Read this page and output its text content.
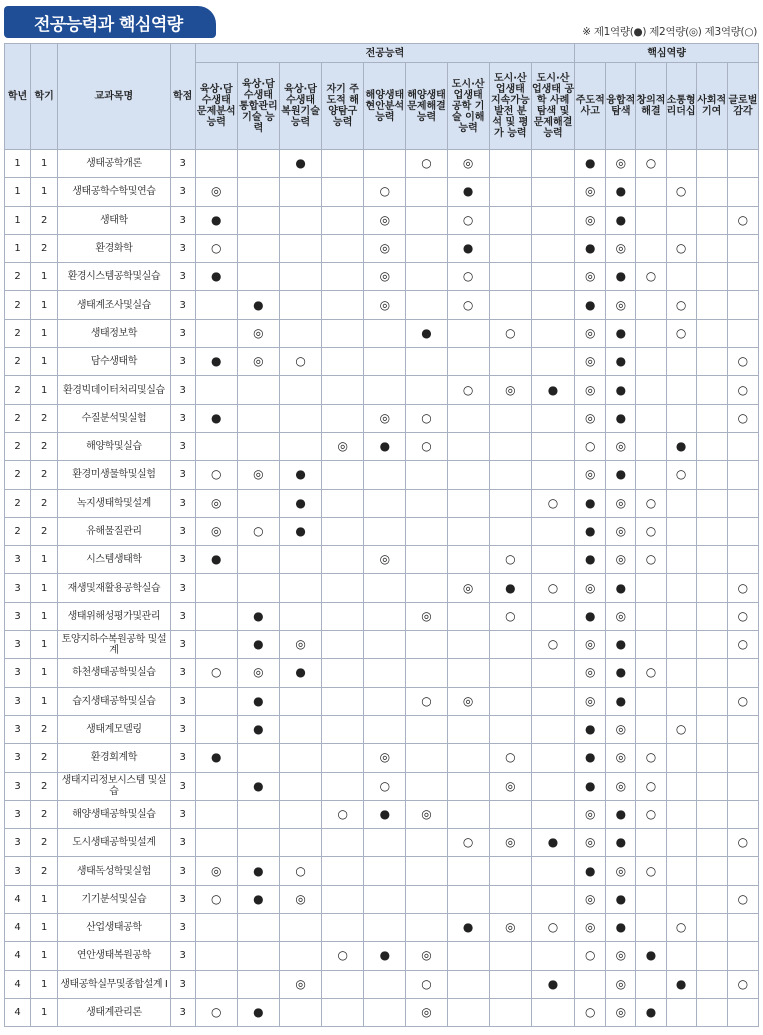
전공능력과 핵심역량	※ 제1역량(●) 제2역량(◎) 제3역량(○)
학년	학기	교과목명	학점	전공능력									핵심역량					
				육상·담수생태 문제분석 능력	육상·담수생태 통합관리 기술 능력	육상·담수생태 복원기술 능력	자기 주도적 해양탐구 능력	해양생태 현안분석 능력	해양생태 문제해결 능력	도시·산업생태 공학 기술 이해 능력	도시·산업생태 지속가능 발전 분석 및 평가 능력	도시·산업생태 공학 사례 탐색 및 문제해결 능력	주도적 사고	융합적 탐색	창의적 해결	소통형 리더십	사회적 기여	글로벌 감각
1	1	생태공학개론	3			●			○	◎			●	◎	○			
1	1	생태공학수학및연습	3	◎				○		●			◎	●		○		
1	2	생태학	3	●				◎		○			◎	●				○
1	2	환경화학	3	○				◎		●			●	◎		○		
2	1	환경시스템공학및실습	3	●				◎		○			◎	●	○			
2	1	생태계조사및실습	3		●			◎		○			●	◎		○		
2	1	생태정보학	3		◎				●		○		◎	●		○		
2	1	담수생태학	3	●	◎	○							◎	●				○
2	1	환경빅데이터처리및실습	3							○	◎	●	◎	●				○
2	2	수질분석및실험	3	●				◎	○				◎	●				○
2	2	해양학및실습	3				◎	●	○				○	◎		●		
2	2	환경미생물학및실험	3	○	◎	●							◎	●		○		
2	2	녹지생태학및설계	3	◎		●						○	●	◎	○			
2	2	유해물질관리	3	◎	○	●							●	◎	○			
3	1	시스템생태학	3	●				◎			○		●	◎	○			
3	1	재생및재활용공학실습	3							◎	●	○	◎	●				○
3	1	생태위해성평가및관리	3		●				◎		○		●	◎				○
3	1	토양지하수복원공학 및설계	3		●	◎						○	◎	●				○
3	1	하천생태공학및실습	3	○	◎	●							◎	●	○			
3	1	습지생태공학및실습	3		●				○	◎			◎	●				○
3	2	생태계모델링	3		●								●	◎		○		
3	2	환경회계학	3	●				◎			○		●	◎	○			
3	2	생태지리정보시스템 및실습	3		●			○			◎		●	◎	○			
3	2	해양생태공학및실습	3				○	●	◎				◎	●	○			
3	2	도시생태공학및설계	3							○	◎	●	◎	●				○
3	2	생태독성학및실험	3	◎	●	○							●	◎	○			
4	1	기기분석및실습	3	○	●	◎							◎	●				○
4	1	산업생태공학	3							●	◎	○	◎	●		○		
4	1	연안생태복원공학	3				○	●	◎				○	◎	●			
4	1	생태공학실무및종합설계 I	3			◎			○			●		◎		●		○
4	1	생태계관리론	3	○	●				◎				○	◎	●			
